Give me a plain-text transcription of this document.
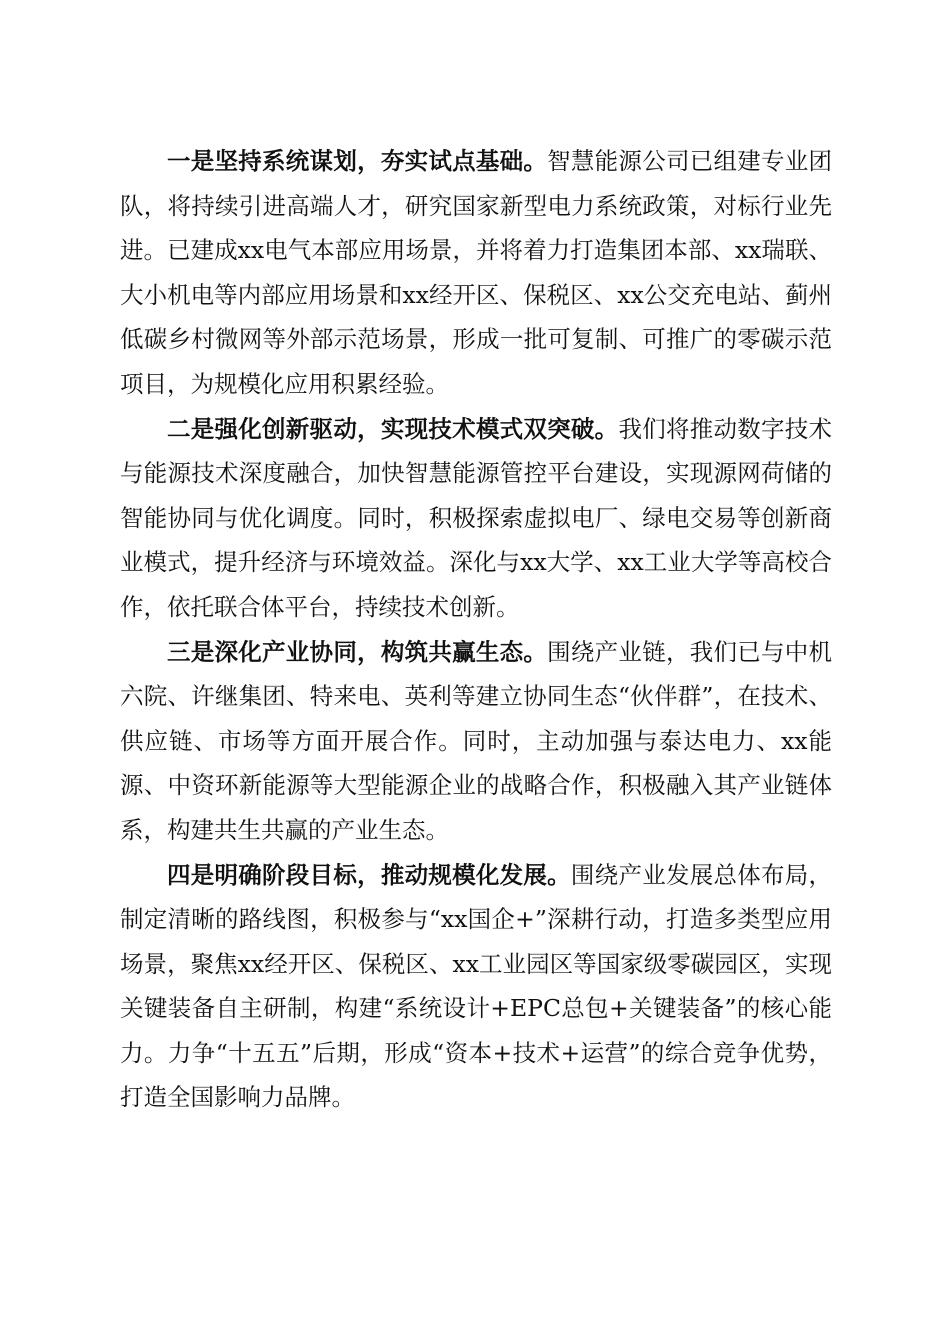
一是坚持系统谋划，夯实试点基础。智慧能源公司已组建专业团队，将持续引进高端人才，研究国家新型电力系统政策，对标行业先进。已建成xx电气本部应用场景，并将着力打造集团本部、xx瑞联、大小机电等内部应用场景和xx经开区、保税区、xx公交充电站、蓟州低碳乡村微网等外部示范场景，形成一批可复制、可推广的零碳示范项目，为规模化应用积累经验。

二是强化创新驱动，实现技术模式双突破。我们将推动数字技术与能源技术深度融合，加快智慧能源管控平台建设，实现源网荷储的智能协同与优化调度。同时，积极探索虚拟电厂、绿电交易等创新商业模式，提升经济与环境效益。深化与xx大学、xx工业大学等高校合作，依托联合体平台，持续技术创新。

三是深化产业协同，构筑共赢生态。围绕产业链，我们已与中机六院、许继集团、特来电、英利等建立协同生态“伙伴群”，在技术、供应链、市场等方面开展合作。同时，主动加强与泰达电力、xx能源、中资环新能源等大型能源企业的战略合作，积极融入其产业链体系，构建共生共赢的产业生态。

四是明确阶段目标，推动规模化发展。围绕产业发展总体布局，制定清晰的路线图，积极参与“xx国企+”深耕行动，打造多类型应用场景，聚焦xx经开区、保税区、xx工业园区等国家级零碳园区，实现关键装备自主研制，构建“系统设计+EPC总包+关键装备”的核心能力。力争“十五五”后期，形成“资本+技术+运营”的综合竞争优势，打造全国影响力品牌。
